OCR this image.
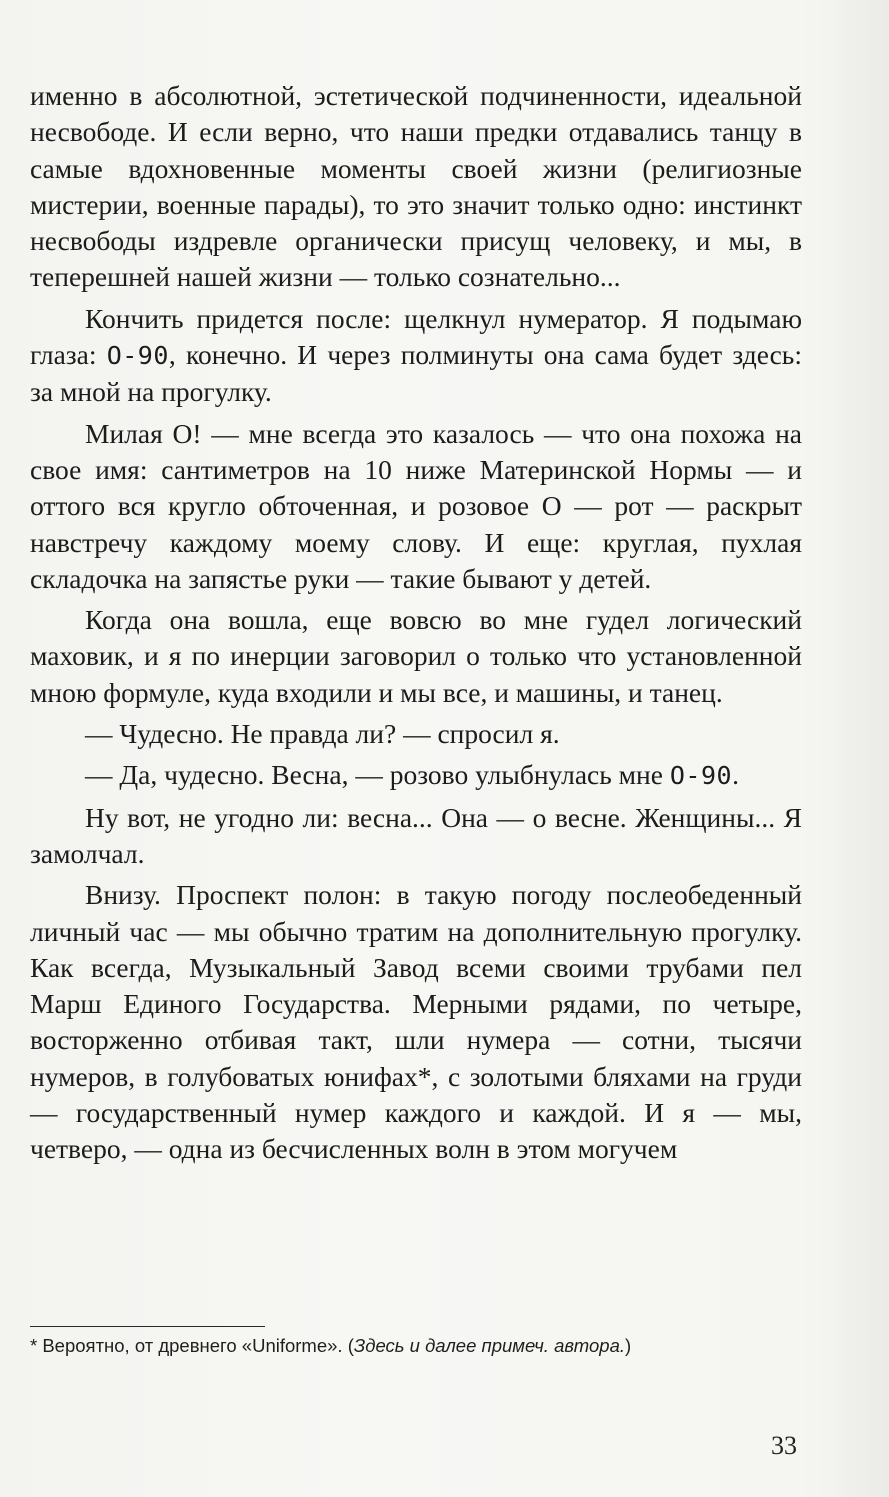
именно в абсолютной, эстетической подчиненности, идеальной несвободе. И если верно, что наши предки отдавались танцу в самые вдохновенные моменты своей жизни (религиозные мистерии, военные парады), то это значит только одно: инстинкт несвободы издревле органически присущ человеку, и мы, в теперешней нашей жизни — только сознательно...

Кончить придется после: щелкнул нумератор. Я подымаю глаза: О-90, конечно. И через полминуты она сама будет здесь: за мной на прогулку.

Милая О! — мне всегда это казалось — что она похожа на свое имя: сантиметров на 10 ниже Материнской Нормы — и оттого вся кругло обточенная, и розовое О — рот — раскрыт навстречу каждому моему слову. И еще: круглая, пухлая складочка на запястье руки — такие бывают у детей.

Когда она вошла, еще вовсю во мне гудел логический маховик, и я по инерции заговорил о только что установленной мною формуле, куда входили и мы все, и машины, и танец.

— Чудесно. Не правда ли? — спросил я.

— Да, чудесно. Весна, — розово улыбнулась мне О-90.

Ну вот, не угодно ли: весна... Она — о весне. Женщины... Я замолчал.

Внизу. Проспект полон: в такую погоду послеобеденный личный час — мы обычно тратим на дополнительную прогулку. Как всегда, Музыкальный Завод всеми своими трубами пел Марш Единого Государства. Мерными рядами, по четыре, восторженно отбивая такт, шли нумера — сотни, тысячи нумеров, в голубоватых юнифах*, с золотыми бляхами на груди — государственный нумер каждого и каждой. И я — мы, четверо, — одна из бесчисленных волн в этом могучем

* Вероятно, от древнего «Uniforme». (Здесь и далее примеч. автора.)
33
